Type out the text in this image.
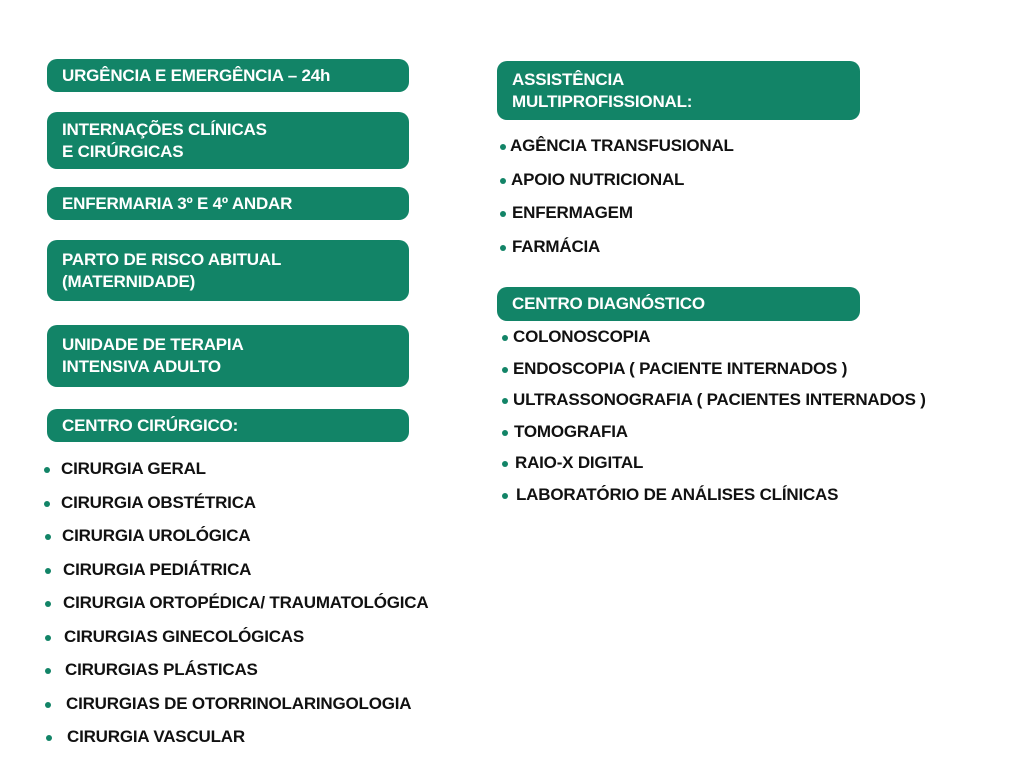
URGÊNCIA E EMERGÊNCIA – 24h
INTERNAÇÕES CLÍNICAS
E CIRÚRGICAS
ENFERMARIA 3º E 4º ANDAR
PARTO DE RISCO ABITUAL
(MATERNIDADE)
UNIDADE DE TERAPIA
INTENSIVA ADULTO
CENTRO CIRÚRGICO:
CIRURGIA GERAL
CIRURGIA OBSTÉTRICA
CIRURGIA UROLÓGICA
CIRURGIA PEDIÁTRICA
CIRURGIA ORTOPÉDICA/ TRAUMATOLÓGICA
CIRURGIAS GINECOLÓGICAS
CIRURGIAS PLÁSTICAS
CIRURGIAS DE OTORRINOLARINGOLOGIA
CIRURGIA VASCULAR
ASSISTÊNCIA
MULTIPROFISSIONAL:
AGÊNCIA TRANSFUSIONAL
APOIO NUTRICIONAL
ENFERMAGEM
FARMÁCIA
CENTRO DIAGNÓSTICO
COLONOSCOPIA
ENDOSCOPIA ( PACIENTE INTERNADOS )
ULTRASSONOGRAFIA ( PACIENTES INTERNADOS )
TOMOGRAFIA
RAIO-X DIGITAL
LABORATÓRIO DE ANÁLISES CLÍNICAS
